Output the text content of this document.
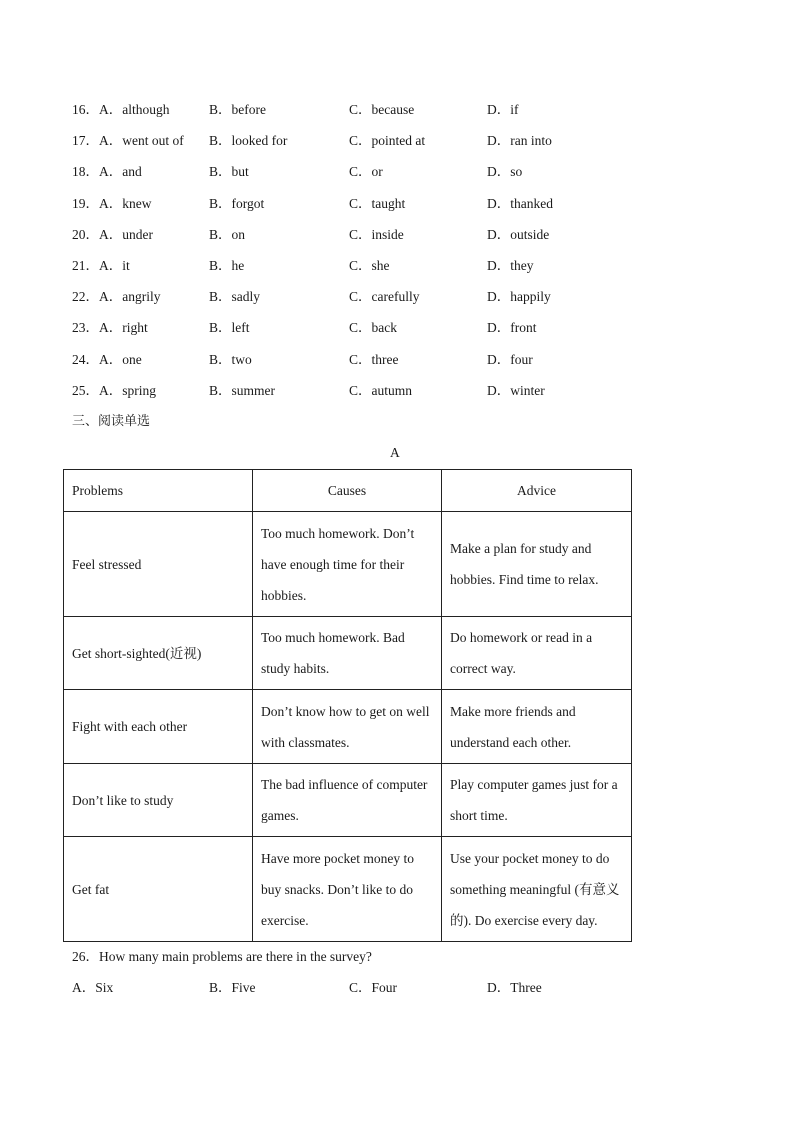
16．A．although	B．before	C．because	D．if
17．A．went out of B．looked for	C．pointed at	D．ran into
18．A．and	B．but	C．or	D．so
19．A．knew	B．forgot	C．taught	D．thanked
20．A．under	B．on	C．inside	D．outside
21．A．it	B．he	C．she	D．they
22．A．angrily	B．sadly	C．carefully	D．happily
23．A．right	B．left	C．back	D．front
24．A．one	B．two	C．three	D．four
25．A．spring	B．summer	C．autumn	D．winter
三、阅读单选
A
Problems	Causes	Advice
Feel stressed	Too much homework. Don’t have enough time for their hobbies.	Make a plan for study and hobbies. Find time to relax.
Get short-sighted(近视)	Too much homework. Bad study habits.	Do homework or read in a correct way.
Fight with each other	Don’t know how to get on well with classmates.	Make more friends and understand each other.
Don’t like to study	The bad influence of computer games.	Play computer games just for a short time.
Get fat	Have more pocket money to buy snacks. Don’t like to do exercise.	Use your pocket money to do something meaningful (有意义的). Do exercise every day.
26．How many main problems are there in the survey?
A．Six	B．Five	C．Four	D．Three
